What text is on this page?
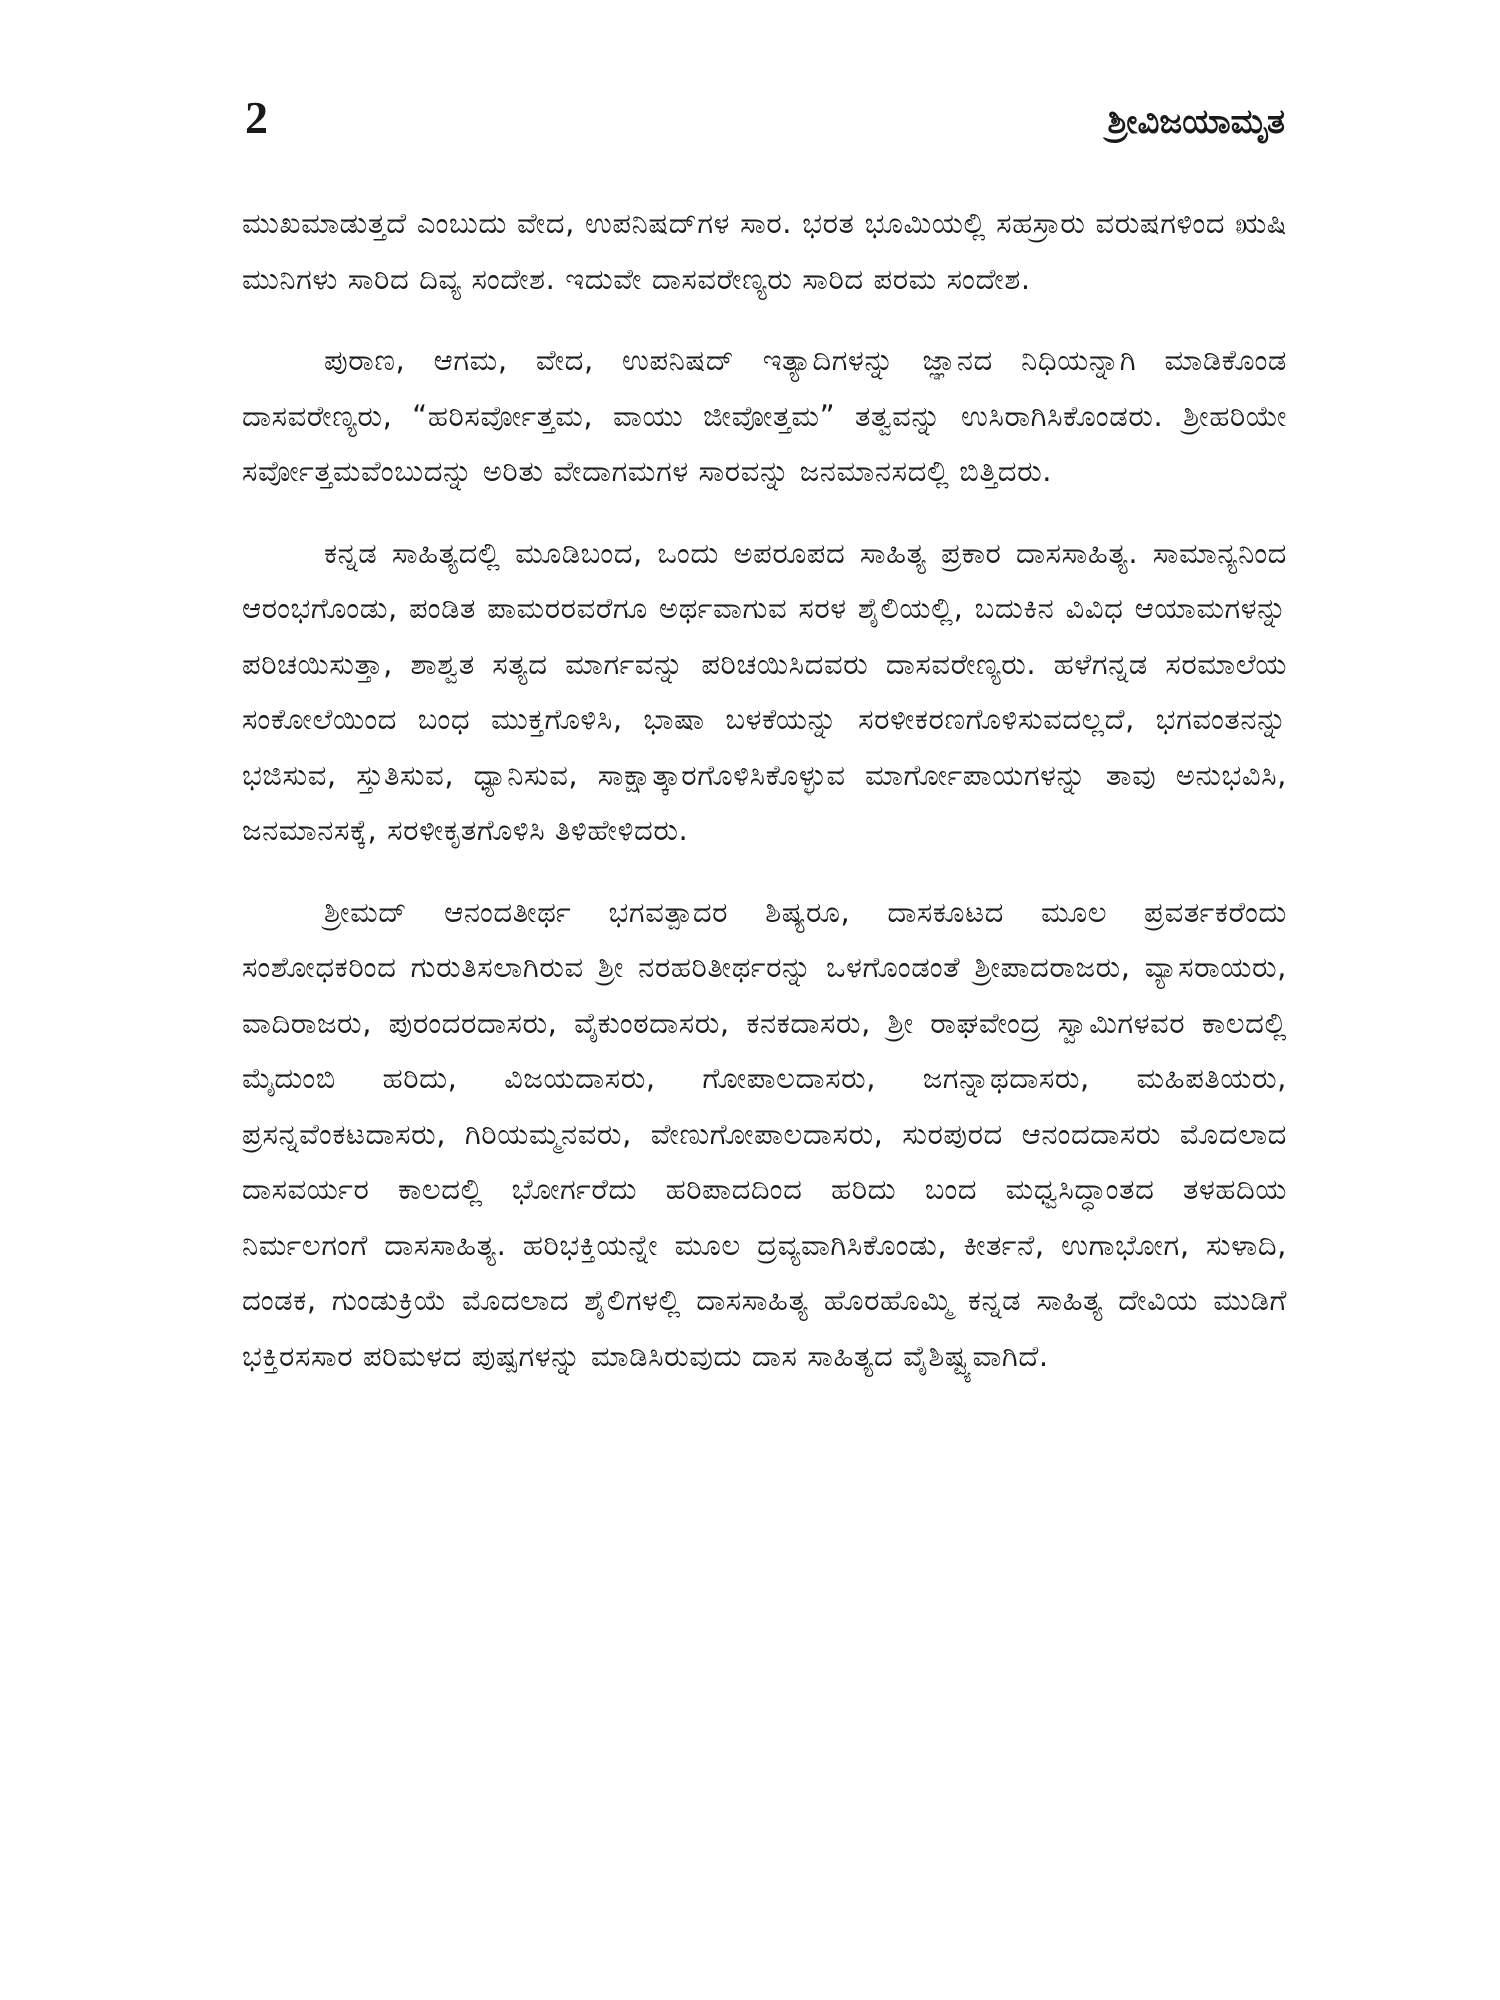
2	ಶ್ರೀವಿಜಯಾಮೃತ

ಮುಖಮಾಡುತ್ತದೆ ಎಂಬುದು ವೇದ, ಉಪನಿಷದ್‌ಗಳ ಸಾರ. ಭರತ ಭೂಮಿಯಲ್ಲಿ ಸಹಸ್ರಾರು ವರುಷಗಳಿಂದ ಋಷಿ ಮುನಿಗಳು ಸಾರಿದ ದಿವ್ಯ ಸಂದೇಶ. ಇದುವೇ ದಾಸವರೇಣ್ಯರು ಸಾರಿದ ಪರಮ ಸಂದೇಶ.

ಪುರಾಣ, ಆಗಮ, ವೇದ, ಉಪನಿಷದ್ ಇತ್ಯಾದಿಗಳನ್ನು ಜ್ಞಾನದ ನಿಧಿಯನ್ನಾಗಿ ಮಾಡಿಕೊಂಡ ದಾಸವರೇಣ್ಯರು, “ಹರಿಸರ್ವೋತ್ತಮ, ವಾಯು ಜೀವೋತ್ತಮ” ತತ್ವವನ್ನು ಉಸಿರಾಗಿಸಿಕೊಂಡರು. ಶ್ರೀಹರಿಯೇ ಸರ್ವೋತ್ತಮವೆಂಬುದನ್ನು ಅರಿತು ವೇದಾಗಮಗಳ ಸಾರವನ್ನು ಜನಮಾನಸದಲ್ಲಿ ಬಿತ್ತಿದರು.

ಕನ್ನಡ ಸಾಹಿತ್ಯದಲ್ಲಿ ಮೂಡಿಬಂದ, ಒಂದು ಅಪರೂಪದ ಸಾಹಿತ್ಯ ಪ್ರಕಾರ ದಾಸಸಾಹಿತ್ಯ. ಸಾಮಾನ್ಯನಿಂದ ಆರಂಭಗೊಂಡು, ಪಂಡಿತ ಪಾಮರರವರೆಗೂ ಅರ್ಥವಾಗುವ ಸರಳ ಶೈಲಿಯಲ್ಲಿ, ಬದುಕಿನ ವಿವಿಧ ಆಯಾಮಗಳನ್ನು ಪರಿಚಯಿಸುತ್ತಾ, ಶಾಶ್ವತ ಸತ್ಯದ ಮಾರ್ಗವನ್ನು ಪರಿಚಯಿಸಿದವರು ದಾಸವರೇಣ್ಯರು. ಹಳೆಗನ್ನಡ ಸರಮಾಲೆಯ ಸಂಕೋಲೆಯಿಂದ ಬಂಧ ಮುಕ್ತಗೊಳಿಸಿ, ಭಾಷಾ ಬಳಕೆಯನ್ನು ಸರಳೀಕರಣಗೊಳಿಸುವದಲ್ಲದೆ, ಭಗವಂತನನ್ನು ಭಜಿಸುವ, ಸ್ತುತಿಸುವ, ಧ್ಯಾನಿಸುವ, ಸಾಕ್ಷಾತ್ಕಾರಗೊಳಿಸಿಕೊಳ್ಳುವ ಮಾರ್ಗೋಪಾಯಗಳನ್ನು ತಾವು ಅನುಭವಿಸಿ, ಜನಮಾನಸಕ್ಕೆ, ಸರಳೀಕೃತಗೊಳಿಸಿ ತಿಳಿಹೇಳಿದರು.

ಶ್ರೀಮದ್ ಆನಂದತೀರ್ಥ ಭಗವತ್ಪಾದರ ಶಿಷ್ಯರೂ, ದಾಸಕೂಟದ ಮೂಲ ಪ್ರವರ್ತಕರೆಂದು ಸಂಶೋಧಕರಿಂದ ಗುರುತಿಸಲಾಗಿರುವ ಶ್ರೀ ನರಹರಿತೀರ್ಥರನ್ನು ಒಳಗೊಂಡಂತೆ ಶ್ರೀಪಾದರಾಜರು, ವ್ಯಾಸರಾಯರು, ವಾದಿರಾಜರು, ಪುರಂದರದಾಸರು, ವೈಕುಂಠದಾಸರು, ಕನಕದಾಸರು, ಶ್ರೀ ರಾಘವೇಂದ್ರ ಸ್ವಾಮಿಗಳವರ ಕಾಲದಲ್ಲಿ ಮೈದುಂಬಿ ಹರಿದು, ವಿಜಯದಾಸರು, ಗೋಪಾಲದಾಸರು, ಜಗನ್ನಾಥದಾಸರು, ಮಹಿಪತಿಯರು, ಪ್ರಸನ್ನವೆಂಕಟದಾಸರು, ಗಿರಿಯಮ್ಮನವರು, ವೇಣುಗೋಪಾಲದಾಸರು, ಸುರಪುರದ ಆನಂದದಾಸರು ಮೊದಲಾದ ದಾಸವರ್ಯರ ಕಾಲದಲ್ಲಿ ಭೋರ್ಗರೆದು ಹರಿಪಾದದಿಂದ ಹರಿದು ಬಂದ ಮಧ್ವಸಿದ್ಧಾಂತದ ತಳಹದಿಯ ನಿರ್ಮಲಗಂಗೆ ದಾಸಸಾಹಿತ್ಯ. ಹರಿಭಕ್ತಿಯನ್ನೇ ಮೂಲ ದ್ರವ್ಯವಾಗಿಸಿಕೊಂಡು, ಕೀರ್ತನೆ, ಉಗಾಭೋಗ, ಸುಳಾದಿ, ದಂಡಕ, ಗುಂಡುಕ್ರಿಯೆ ಮೊದಲಾದ ಶೈಲಿಗಳಲ್ಲಿ ದಾಸಸಾಹಿತ್ಯ ಹೊರಹೊಮ್ಮಿ ಕನ್ನಡ ಸಾಹಿತ್ಯ ದೇವಿಯ ಮುಡಿಗೆ ಭಕ್ತಿರಸಸಾರ ಪರಿಮಳದ ಪುಷ್ಪಗಳನ್ನು ಮಾಡಿಸಿರುವುದು ದಾಸ ಸಾಹಿತ್ಯದ ವೈಶಿಷ್ಟ್ಯವಾಗಿದೆ.
